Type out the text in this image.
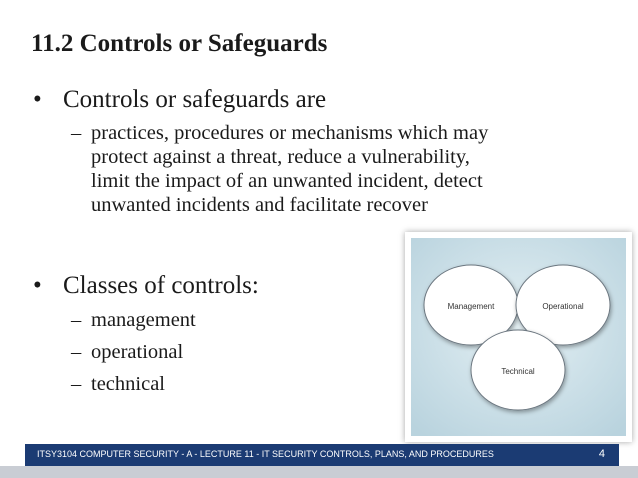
11.2 Controls or Safeguards
• Controls or safeguards are
– practices, procedures or mechanisms which may
protect against a threat, reduce a vulnerability,
limit the impact of an unwanted incident, detect
unwanted incidents and facilitate recover
• Classes of controls:
– management
– operational
– technical
Management	Operational
Technical
ITSY3104 COMPUTER SECURITY - A - LECTURE 11 - IT SECURITY CONTROLS, PLANS, AND PROCEDURES	4
